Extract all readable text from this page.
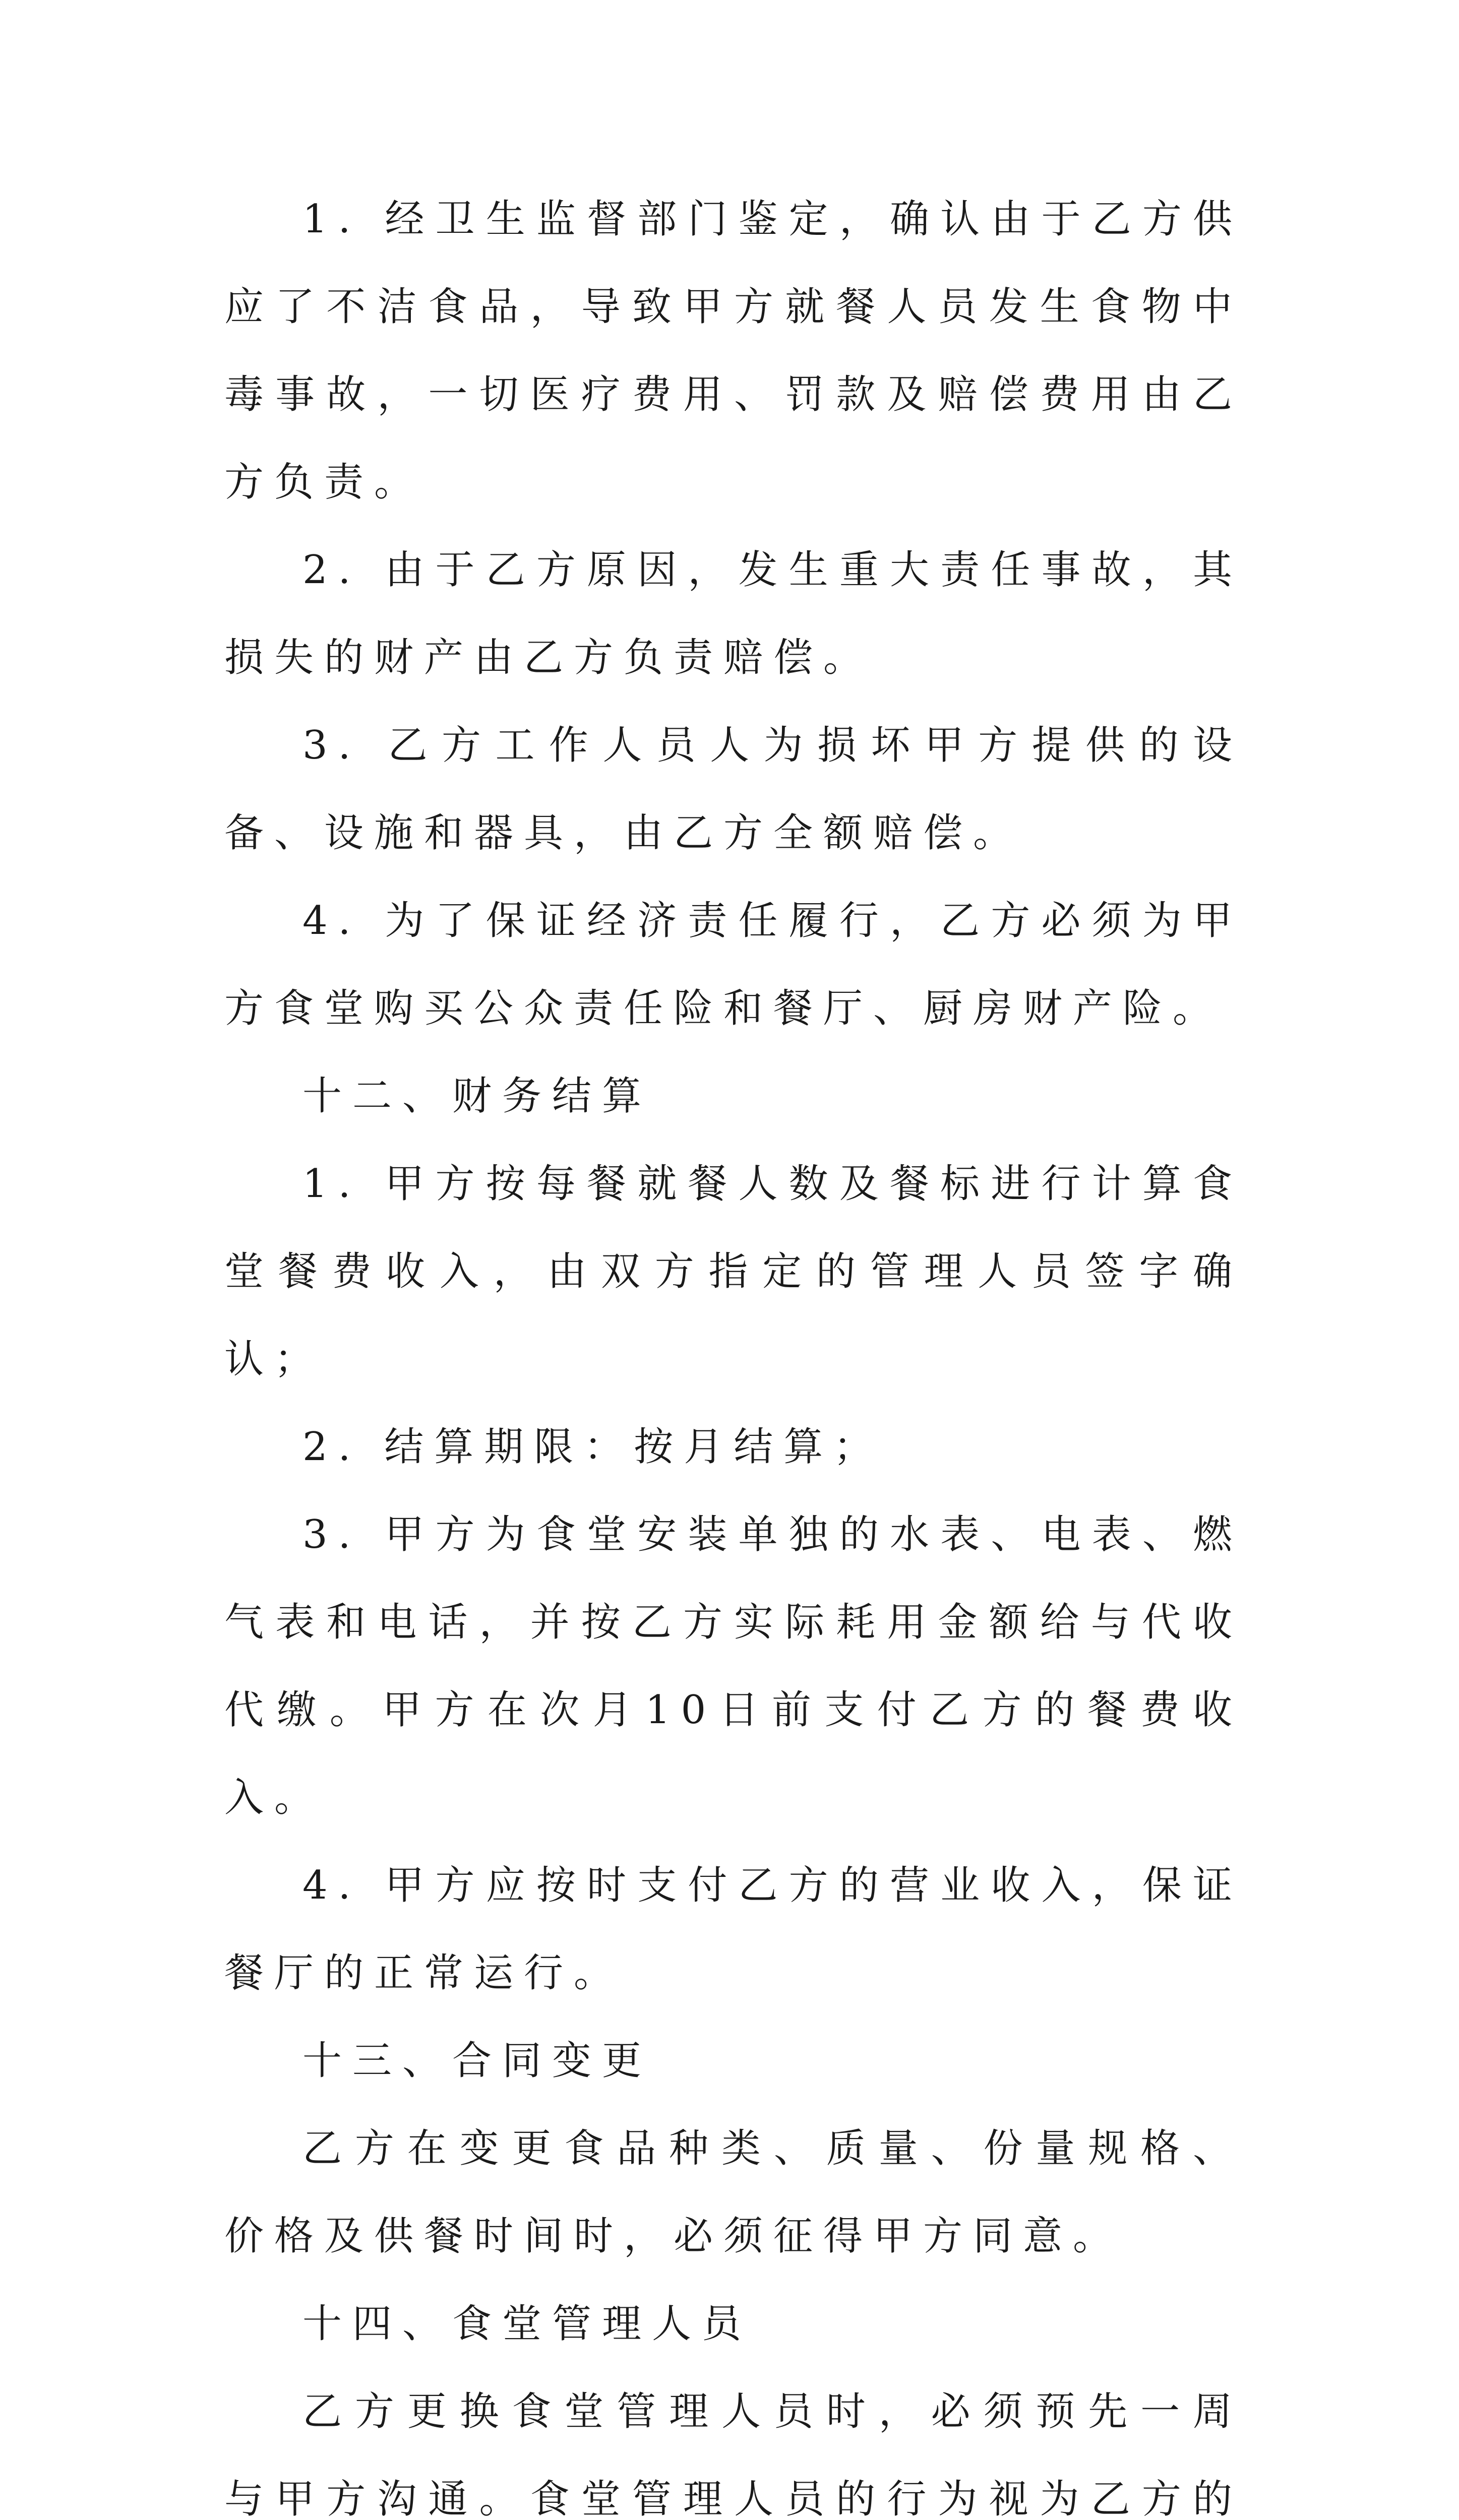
1. 经卫生监督部门鉴定，确认由于乙方供应了不洁食品，导致甲方就餐人员发生食物中毒事故，一切医疗费用、罚款及赔偿费用由乙方负责。

2. 由于乙方原因，发生重大责任事故，其损失的财产由乙方负责赔偿。

3. 乙方工作人员人为损坏甲方提供的设备、设施和器具，由乙方全额赔偿。

4. 为了保证经济责任履行，乙方必须为甲方食堂购买公众责任险和餐厅、厨房财产险。

十二、财务结算

1. 甲方按每餐就餐人数及餐标进行计算食堂餐费收入，由双方指定的管理人员签字确认；

2. 结算期限：按月结算；

3. 甲方为食堂安装单独的水表、电表、燃气表和电话，并按乙方实际耗用金额给与代收代缴。甲方在次月10日前支付乙方的餐费收入。

4. 甲方应按时支付乙方的营业收入，保证餐厅的正常运行。

十三、合同变更

乙方在变更食品种类、质量、份量规格、价格及供餐时间时，必须征得甲方同意。

十四、食堂管理人员

乙方更换食堂管理人员时，必须预先一周与甲方沟通。食堂管理人员的行为视为乙方的
